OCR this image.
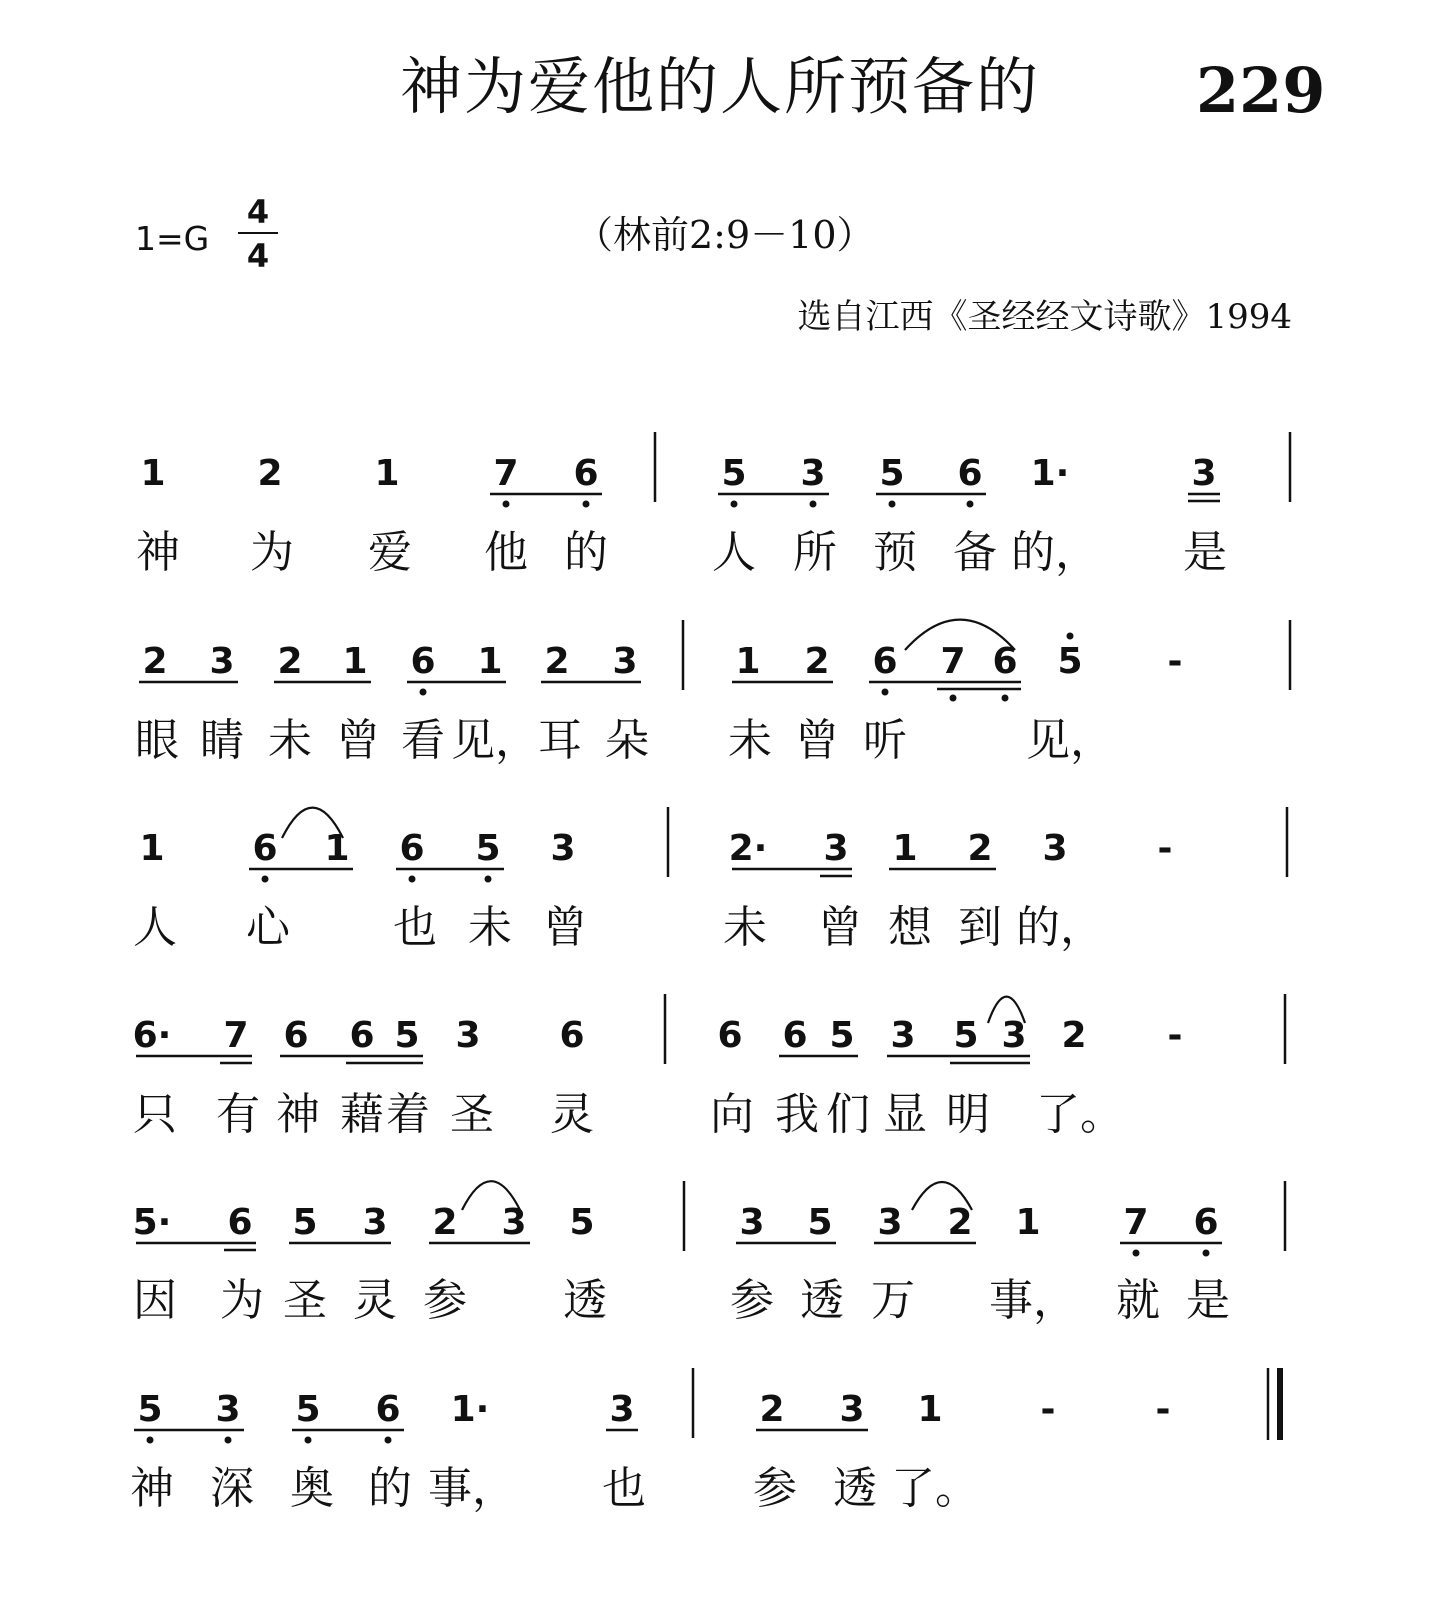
神为爱他的人所预备的	229
1=G
4
4	（林前2:9－10）
选自江西《圣经经文诗歌》1994
1	2	1	7 6	5 3 5 6 1·	3
神 为 爱 他 的 人 所 预 备 的， 是
2 3 2 1 6 1 2 3	1 2 6 7 6 5 -
眼 睛 未 曾 看 见， 耳 朵 未 曾 听	见，
1 6 1 6 5 3	2· 3 1 2 3 -
人 心 也 未 曾	未 曾 想 到 的，
6· 7 6 6 5 3 6	6 6 5 3 5 3 2 -
只 有 神 藉 着 圣 灵	向 我 们 显 明 了。
5· 6 5 3 2 3 5	3 5 3 2 1 7 6
因 为 圣 灵 参 透	参 透 万 事， 就 是
5 3 5 6 1·	3	2 3 1	-	-
神 深 奥 的 事， 也 参 透 了。
